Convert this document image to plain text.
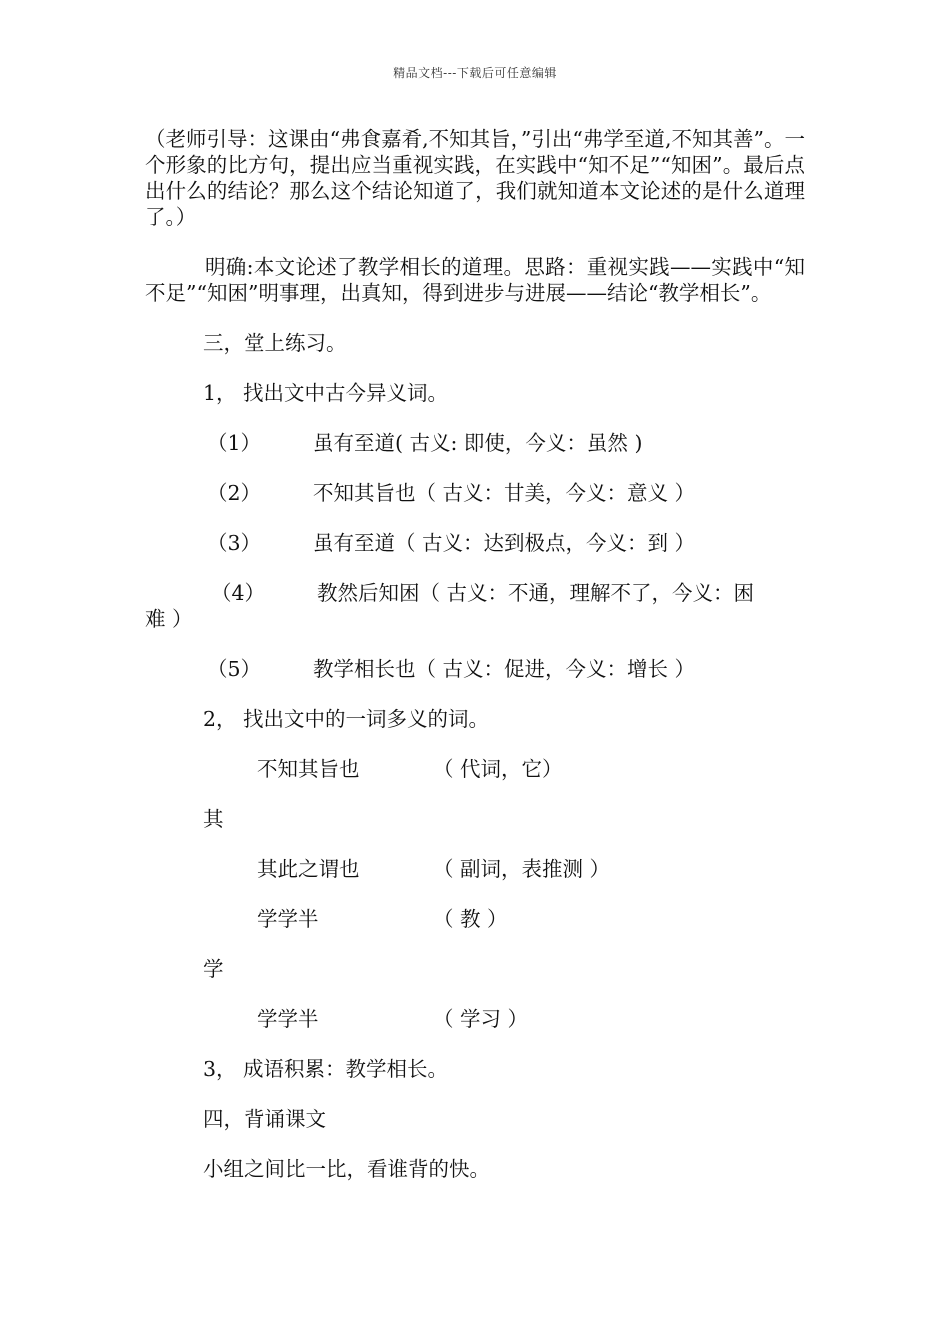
精品文档---下载后可任意编辑

（老师引导：这课由“弗食嘉肴,不知其旨，”引出“弗学至道,不知其善”。一个形象的比方句，提出应当重视实践，在实践中“知不足”“知困”。最后点出什么的结论？那么这个结论知道了，我们就知道本文论述的是什么道理了。）

明确:本文论述了教学相长的道理。思路：重视实践——实践中“知不足”“知困”明事理，出真知，得到进步与进展——结论“教学相长”。

三，堂上练习。
1， 找出文中古今异义词。
（1）	虽有至道( 古义: 即使，今义：虽然 )
（2）	不知其旨也（ 古义：甘美，今义：意义 ）
（3）	虽有至道（ 古义：达到极点，今义：到 ）
（4）	教然后知困（ 古义：不通，理解不了，今义：困
难 ）
（5）	教学相长也（ 古义：促进，今义：增长 ）
2， 找出文中的一词多义的词。
不知其旨也	（ 代词，它）
其
其此之谓也	（ 副词，表推测 ）
学学半	（ 教 ）
学
学学半	（ 学习 ）
3， 成语积累：教学相长。
四，背诵课文
小组之间比一比，看谁背的快。
